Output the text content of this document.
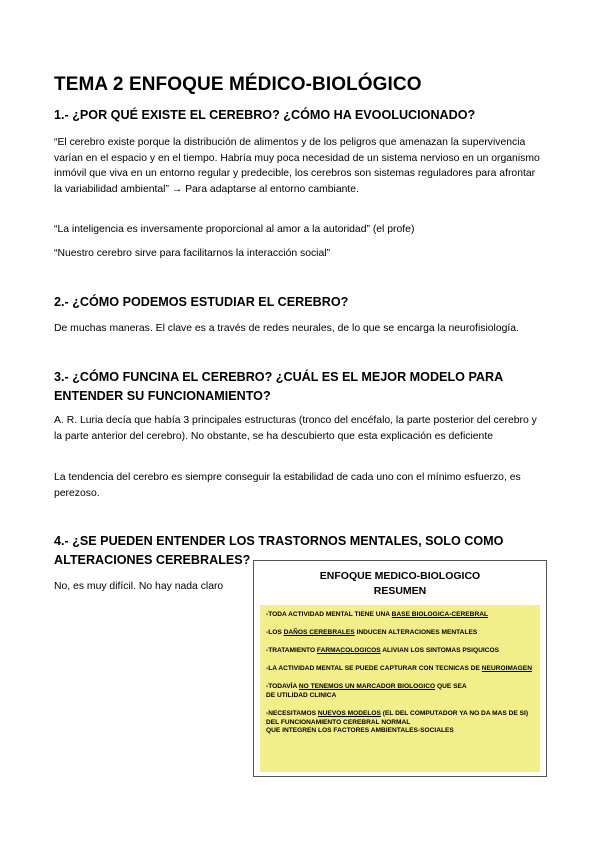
TEMA 2 ENFOQUE MÉDICO-BIOLÓGICO
1.- ¿POR QUÉ EXISTE EL CEREBRO? ¿CÓMO HA EVOOLUCIONADO?
“El cerebro existe porque la distribución de alimentos y de los peligros que amenazan la supervivencia varían en el espacio y en el tiempo. Habría muy poca necesidad de un sistema nervioso en un organismo inmóvil que viva en un entorno regular y predecible, los cerebros son sistemas reguladores para afrontar la variabilidad ambiental” → Para adaptarse al entorno cambiante.
“La inteligencia es inversamente proporcional al amor a la autoridad” (el profe)
“Nuestro cerebro sirve para facilitarnos la interacción social”
2.- ¿CÓMO PODEMOS ESTUDIAR EL CEREBRO?
De muchas maneras. El clave es a través de redes neurales, de lo que se encarga la neurofisiología.
3.- ¿CÓMO FUNCINA EL CEREBRO? ¿CUÁL ES EL MEJOR MODELO PARA ENTENDER SU FUNCIONAMIENTO?
A. R. Luria decía que había 3 principales estructuras (tronco del encéfalo, la parte posterior del cerebro y la parte anterior del cerebro). No obstante, se ha descubierto que esta explicación es deficiente
La tendencia del cerebro es siempre conseguir la estabilidad de cada uno con el mínimo esfuerzo, es perezoso.
4.- ¿SE PUEDEN ENTENDER LOS TRASTORNOS MENTALES, SOLO COMO ALTERACIONES CEREBRALES?
No, es muy difícil. No hay nada claro
ENFOQUE MEDICO-BIOLOGICO
RESUMEN
-TODA ACTIVIDAD MENTAL TIENE UNA BASE BIOLOGICA-CEREBRAL
-LOS DAÑOS CEREBRALES INDUCEN ALTERACIONES MENTALES
-TRATAMIENTO FARMACOLOGICOS ALIVIAN LOS SINTOMAS PSIQUICOS
-LA ACTIVIDAD MENTAL SE PUEDE CAPTURAR CON TECNICAS DE NEUROIMAGEN
-TODAVÍA NO TENEMOS UN MARCADOR BIOLOGICO QUE SEA
DE UTILIDAD CLINICA
-NECESITAMOS NUEVOS MODELOS (EL DEL COMPUTADOR YA NO DA MAS DE SI)
DEL FUNCIONAMIENTO CEREBRAL NORMAL
QUE INTEGREN LOS FACTORES AMBIENTALES-SOCIALES
